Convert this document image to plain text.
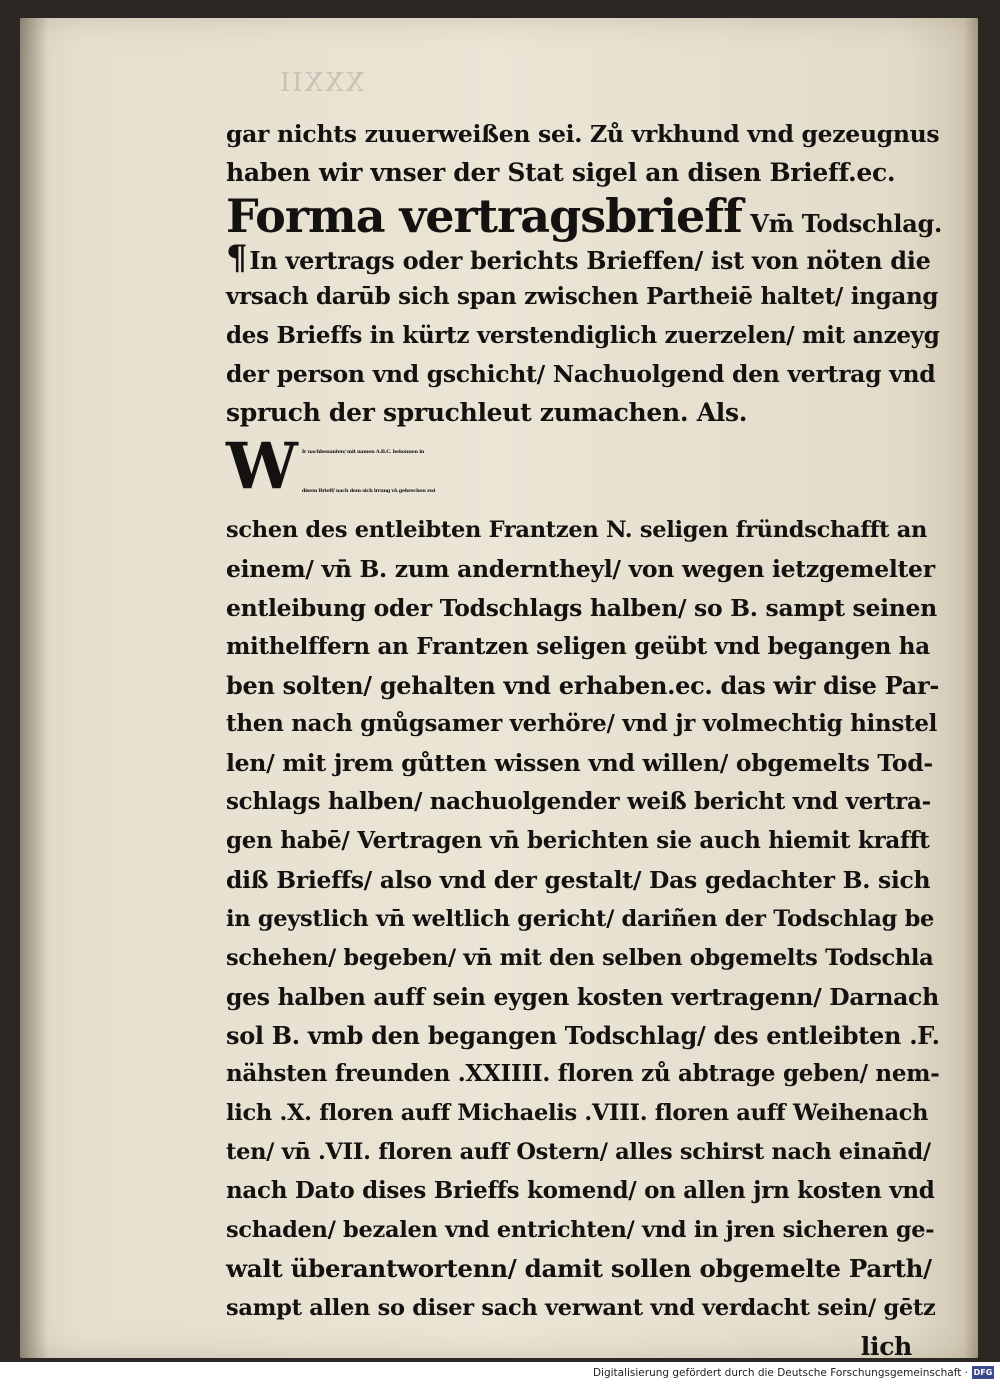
XXXII
gar nichts zuuerweißen sei. Zů vrkhund vnd gezeugnus
haben wir vnser der Stat sigel an disen Brieff.ec.
Forma vertragsbrieff Vm̄ Todschlag.
¶In vertrags oder berichts Brieffen/ ist von nöten die
vrsach darūb sich span zwischen Partheiē haltet/ ingang
des Brieffs in kürtz verstendiglich zuerzelen/ mit anzeyg
der person vnd gschicht/ Nachuolgend den vertrag vnd
spruch der spruchleut zumachen. Als.
W Ir nachbenanten/ mit namen A.B.C. bekennen in
disem Brieff/ nach dem sich irrung vn̄ gebrechen zwi
schen des entleibten Frantzen N. seligen fründschafft an
einem/ vn̄ B. zum anderntheyl/ von wegen ietzgemelter
entleibung oder Todschlags halben/ so B. sampt seinen
mithelffern an Frantzen seligen geübt vnd begangen ha
ben solten/ gehalten vnd erhaben.ec. das wir dise Par-
then nach gnůgsamer verhöre/ vnd jr volmechtig hinstel
len/ mit jrem gůtten wissen vnd willen/ obgemelts Tod-
schlags halben/ nachuolgender weiß bericht vnd vertra-
gen habē/ Vertragen vn̄ berichten sie auch hiemit krafft
diß Brieffs/ also vnd der gestalt/ Das gedachter B. sich
in geystlich vn̄ weltlich gericht/ dariñen der Todschlag be
schehen/ begeben/ vn̄ mit den selben obgemelts Todschla
ges halben auff sein eygen kosten vertragenn/ Darnach
sol B. vmb den begangen Todschlag/ des entleibten .F.
nähsten freunden .XXIIII. floren zů abtrage geben/ nem-
lich .X. floren auff Michaelis .VIII. floren auff Weihenach
ten/ vn̄ .VII. floren auff Ostern/ alles schirst nach einan̄d/
nach Dato dises Brieffs komend/ on allen jrn kosten vnd
schaden/ bezalen vnd entrichten/ vnd in jren sicheren ge-
walt überantwortenn/ damit sollen obgemelte Parth/
sampt allen so diser sach verwant vnd verdacht sein/ gētz
lich
Digitalisierung gefördert durch die Deutsche Forschungsgemeinschaft · DFG
